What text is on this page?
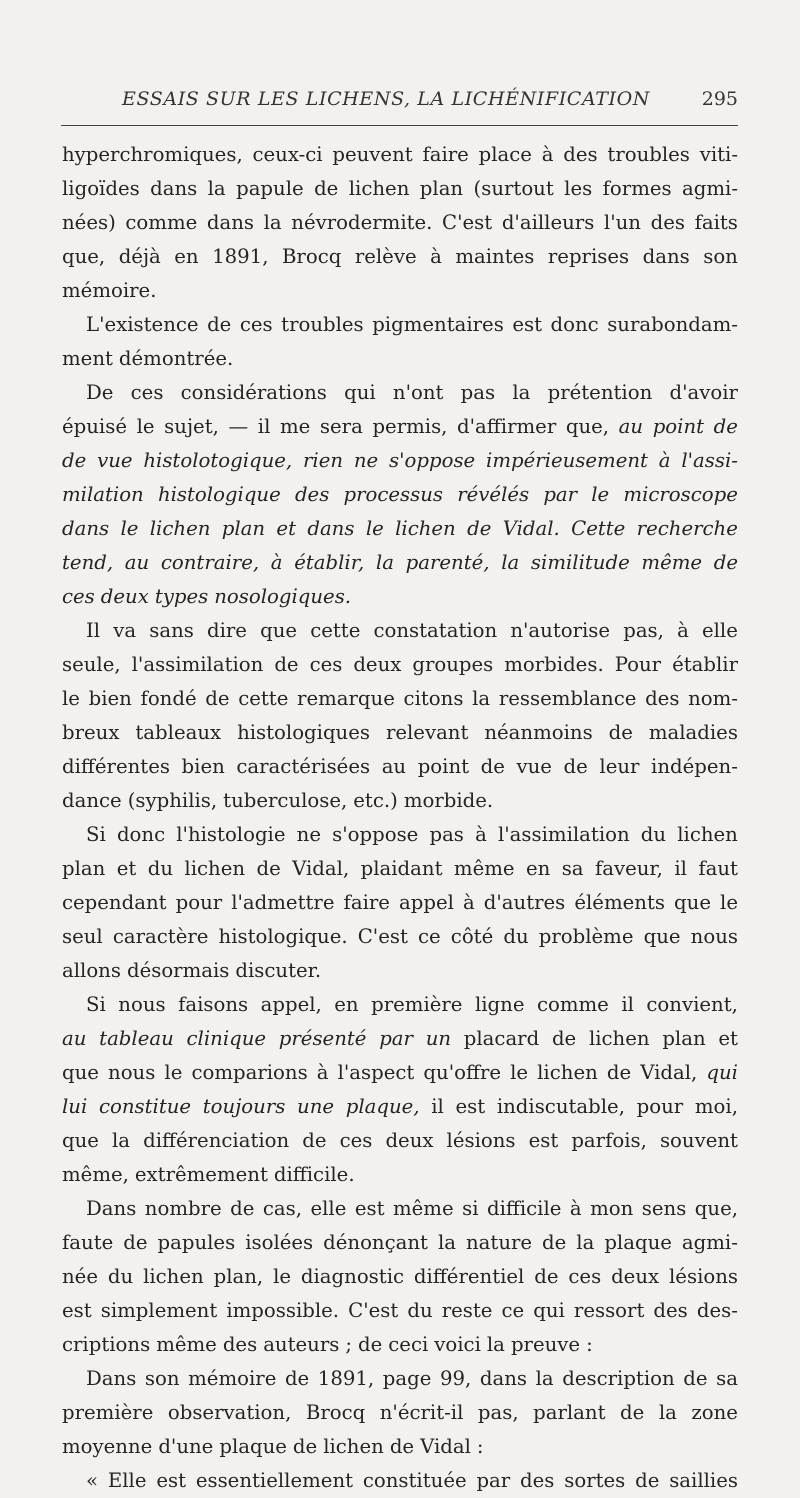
ESSAIS SUR LES LICHENS, LA LICHÉNIFICATION	295
hyperchromiques, ceux-ci peuvent faire place à des troubles viti-
ligoïdes dans la papule de lichen plan (surtout les formes agmi-
nées) comme dans la névrodermite. C'est d'ailleurs l'un des faits
que, déjà en 1891, Brocq relève à maintes reprises dans son
mémoire.
L'existence de ces troubles pigmentaires est donc surabondam-
ment démontrée.
De ces considérations qui n'ont pas la prétention d'avoir
épuisé le sujet, — il me sera permis, d'affirmer que, au point de
de vue histolotogique, rien ne s'oppose impérieusement à l'assi-
milation histologique des processus révélés par le microscope
dans le lichen plan et dans le lichen de Vidal. Cette recherche
tend, au contraire, à établir, la parenté, la similitude même de
ces deux types nosologiques.
Il va sans dire que cette constatation n'autorise pas, à elle
seule, l'assimilation de ces deux groupes morbides. Pour établir
le bien fondé de cette remarque citons la ressemblance des nom-
breux tableaux histologiques relevant néanmoins de maladies
différentes bien caractérisées au point de vue de leur indépen-
dance (syphilis, tuberculose, etc.) morbide.
Si donc l'histologie ne s'oppose pas à l'assimilation du lichen
plan et du lichen de Vidal, plaidant même en sa faveur, il faut
cependant pour l'admettre faire appel à d'autres éléments que le
seul caractère histologique. C'est ce côté du problème que nous
allons désormais discuter.
Si nous faisons appel, en première ligne comme il convient,
au tableau clinique présenté par un placard de lichen plan et
que nous le comparions à l'aspect qu'offre le lichen de Vidal, qui
lui constitue toujours une plaque, il est indiscutable, pour moi,
que la différenciation de ces deux lésions est parfois, souvent
même, extrêmement difficile.
Dans nombre de cas, elle est même si difficile à mon sens que,
faute de papules isolées dénonçant la nature de la plaque agmi-
née du lichen plan, le diagnostic différentiel de ces deux lésions
est simplement impossible. C'est du reste ce qui ressort des des-
criptions même des auteurs ; de ceci voici la preuve :
Dans son mémoire de 1891, page 99, dans la description de sa
première observation, Brocq n'écrit-il pas, parlant de la zone
moyenne d'une plaque de lichen de Vidal :
« Elle est essentiellement constituée par des sortes de saillies
